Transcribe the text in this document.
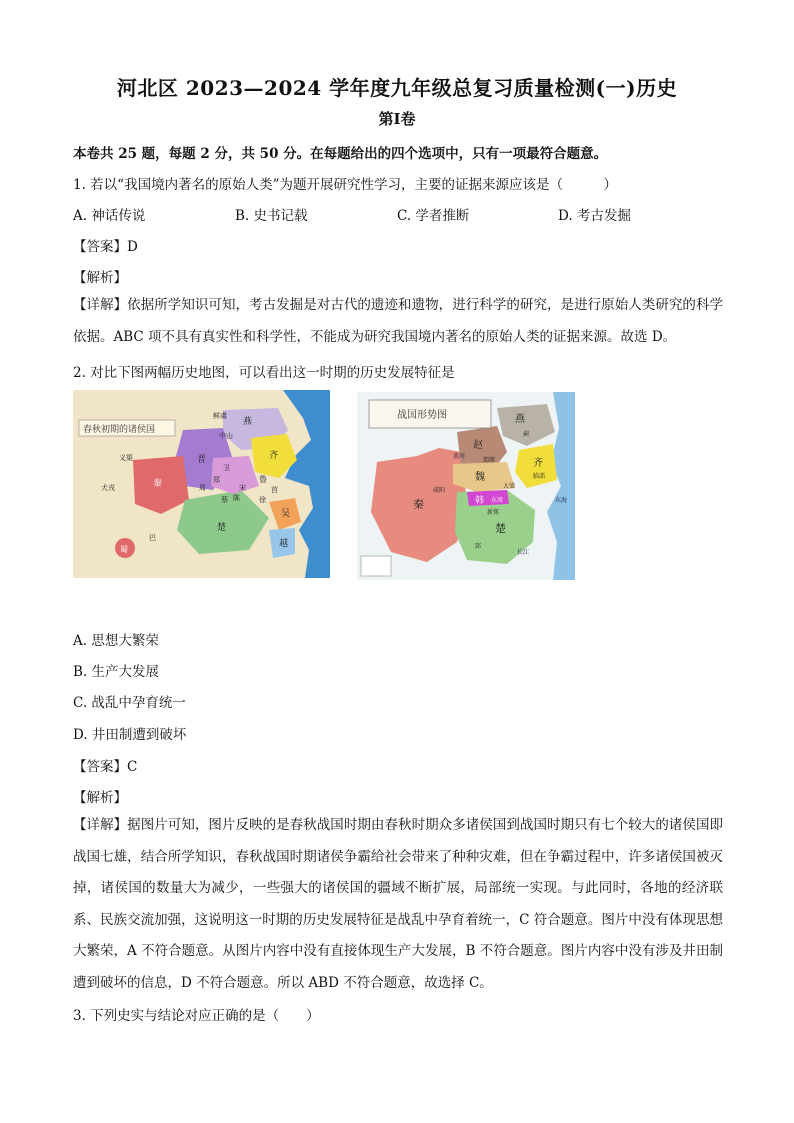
河北区 2023—2024 学年度九年级总复习质量检测(一)历史
第Ⅰ卷
本卷共 25 题，每题 2 分，共 50 分。在每题给出的四个选项中，只有一项最符合题意。
1. 若以“我国境内著名的原始人类”为题开展研究性学习，主要的证据来源应该是（　　　）
A. 神话传说	B. 史书记载	C. 学者推断	D. 考古发掘
【答案】D
【解析】
【详解】依据所学知识可知，考古发掘是对古代的遗迹和遗物，进行科学的研究，是进行原始人类研究的科学依据。ABC 项不具有真实性和科学性，不能成为研究我国境内著名的原始人类的证据来源。故选 D。
2. 对比下图两幅历史地图，可以看出这一时期的历史发展特征是
春秋初期的诸侯国
燕
晋	齐
鲁
秦
楚
吴
越
宋
卫
郑
蔡 陈
周
中山
鲜虞
义渠
巴
蜀
莒
徐
犬戎
战国形势图	燕
赵
齐
魏
韩
秦
楚
东周
咸阳
大梁
新郑
临淄
邯郸
郢
蓟
东海
黄河
长江
A. 思想大繁荣
B. 生产大发展
C. 战乱中孕育统一
D. 井田制遭到破坏
【答案】C
【解析】
【详解】据图片可知，图片反映的是春秋战国时期由春秋时期众多诸侯国到战国时期只有七个较大的诸侯国即战国七雄，结合所学知识，春秋战国时期诸侯争霸给社会带来了种种灾难，但在争霸过程中，许多诸侯国被灭掉，诸侯国的数量大为减少，一些强大的诸侯国的疆域不断扩展，局部统一实现。与此同时，各地的经济联系、民族交流加强，这说明这一时期的历史发展特征是战乱中孕育着统一，C 符合题意。图片中没有体现思想大繁荣，A 不符合题意。从图片内容中没有直接体现生产大发展，B 不符合题意。图片内容中没有涉及井田制遭到破坏的信息，D 不符合题意。所以 ABD 不符合题意，故选择 C。
3. 下列史实与结论对应正确的是（　　）
